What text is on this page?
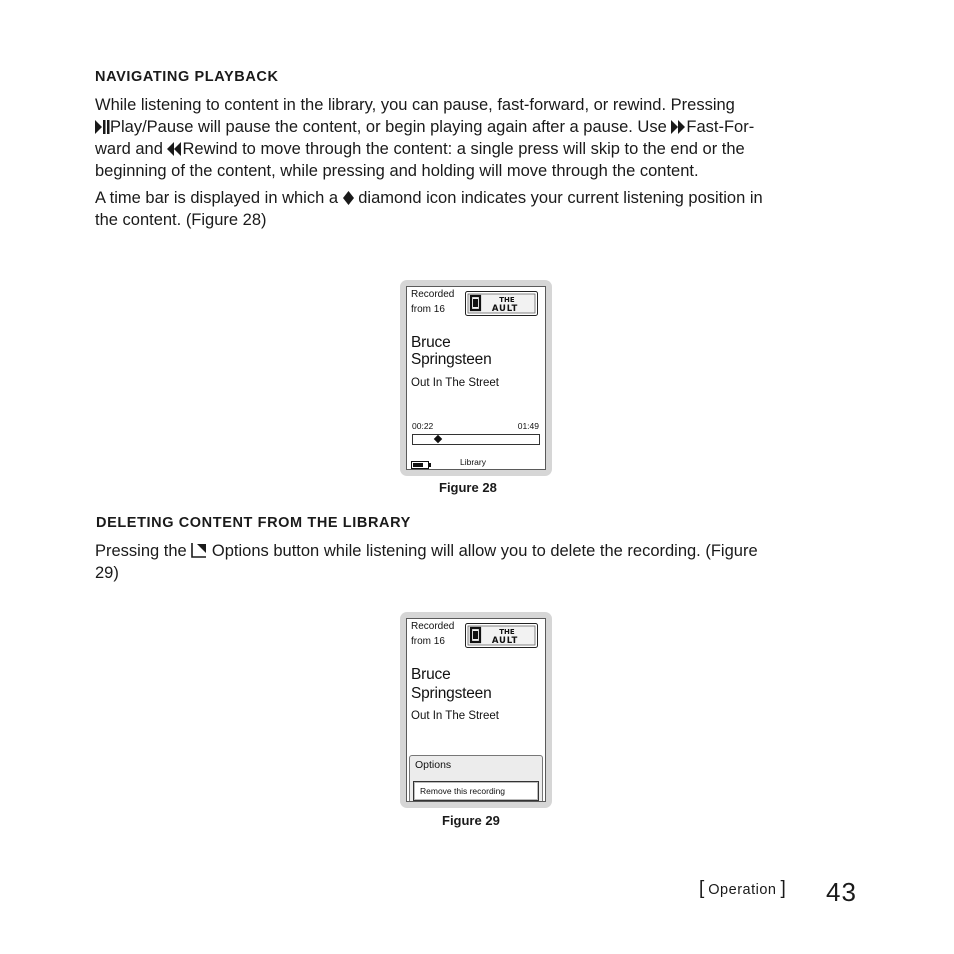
NAVIGATING PLAYBACK
While listening to content in the library, you can pause, fast-forward, or rewind. Pressing
Play/Pause will pause the content, or begin playing again after a pause. Use Fast-For-
ward and Rewind to move through the content: a single press will skip to the end or the
beginning of the content, while pressing and holding will move through the content.
A time bar is displayed in which a diamond icon indicates your current listening position in
the content. (Figure 28)
Recorded
from 16
THE
AULT
Bruce
Springsteen
Out In The Street
00:22	01:49
Library
Figure 28
DELETING CONTENT FROM THE LIBRARY
Pressing the Options button while listening will allow you to delete the recording. (Figure
29)
Recorded
from 16
THE
AULT
Bruce
Springsteen
Out In The Street
Options
Remove this recording
Figure 29
[ Operation ] 43
